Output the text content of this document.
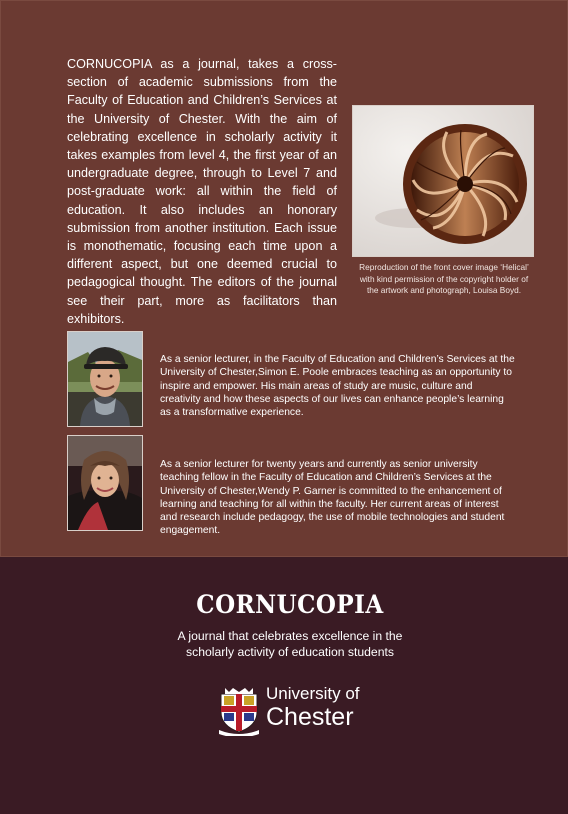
CORNUCOPIA as a journal, takes a cross-section of academic submissions from the Faculty of Education and Children’s Services at the University of Chester. With the aim of celebrating excellence in scholarly activity it takes examples from level 4, the first year of an undergraduate degree, through to Level 7 and post-graduate work: all within the field of education. It also includes an honorary submission from another institution. Each issue is monothematic, focusing each time upon a different aspect, but one deemed crucial to pedagogical thought. The editors of the journal see their part, more as facilitators than exhibitors.

Reproduction of the front cover image ‘Helical’ with kind permission of the copyright holder of the artwork and photograph, Louisa Boyd.

As a senior lecturer, in the Faculty of Education and Children’s Services at the University of Chester,Simon E. Poole embraces teaching as an opportunity to inspire and empower. His main areas of study are music, culture and creativity and how these aspects of our lives can enhance people’s learning as a transformative experience.

As a senior lecturer for twenty years and currently as senior university teaching fellow in the Faculty of Education and Children’s Services at the University of Chester,Wendy P. Garner is committed to the enhancement of learning and teaching for all within the faculty. Her current areas of interest and research include pedagogy, the use of mobile technologies and student engagement.

CORNUCOPIA

A journal that celebrates excellence in the scholarly activity of education students

University of
Chester
